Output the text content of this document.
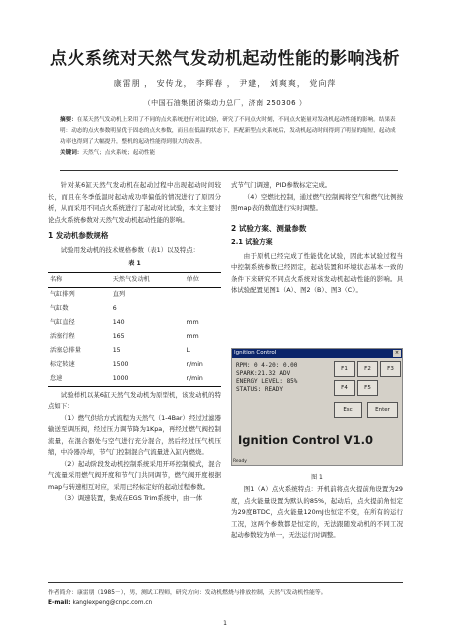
点火系统对天然气发动机起动性能的影响浅析
康雷朋 ， 安传龙， 李辉春 ， 尹建， 刘爽爽， 党向萍
（中国石油集团济柴动力总厂，济南 250306 ）
摘要：在某天然气发动机上采用了不同的点火系统进行对比试验，研究了不同点火时刻，不同点火能量对发动机起动性能的影响。结果表明：动态的点火参数明显优于固态的点火参数，而且在低温的状态下，匹配新型点火系统后，发动机起动时间得到了明显的缩短，起动成功率也得到了大幅提升，整机的起动性能得到很大的改善。
关键词：天然气；点火系统；起动性能

针对某6缸天然气发动机在起动过程中出现起动时间较长，而且在冬季低温时起动成功率偏低的情况进行了原因分析，从而采用不同点火系统进行了起动对比试验，本文主要讨论点火系统参数对天然气发动机起动性能的影响。

1 发动机参数规格

试验用发动机的技术规格参数（表1）以及特点：

表 1
名称	天然气发动机	单位
气缸排列	直列	
气缸数	6	
气缸直径	140	mm
活塞行程	165	mm
活塞总排量	15	L
标定转速	1500	r/min
怠速	1000	r/min

试验样机以某6缸天然气发动机为原型机，该发动机的特点如下：

（1）燃气供给方式流程为天然气（1-4Bar）经过过滤器输送至调压阀，经过压力调节降为1Kpa，再经过燃气阀控制流量，在混合器处与空气进行充分混合，然后经过压气机压缩，中冷器冷却，节气门控制混合气流量进入缸内燃烧。

（2）起动阶段发动机控制系统采用开环控制模式，混合气流量采用燃气阀开度和节气门共同调节，燃气阀开度根据map与转速相互对应，采用已经标定好的起动过程参数。

（3）调速装置，集成在EGS Trim系统中，由一体

式节气门调速，PID参数标定完成。

（4）空燃比控制，通过燃气控制阀将空气和燃气比例按照map表的数值进行实时调整。

2 试验方案、测量参数
2.1 试验方案

由于原机已经完成了性能优化试验，因此本试验过程当中控制系统参数已经固定，起动装置和环境状态基本一致的条件下来研究不同点火系统对该发动机起动性能的影响。具体试验配置见图1（A）、图2（B）、图3（C）。

Ignition Control	×
RPM: 0 4-20: 0.00
SPARK:21.32 ADV
ENERGY LEVEL: 85%
STATUS: READY
F1	F2	F3
F4	F5
Esc	Enter
Ignition Control V1.0
Ready
图 1

图1（A）点火系统特点：开机前将点火提前角设置为29度，点火能量设置为默认的85%，起动后，点火提前角恒定为29度BTDC，点火能量120mJ也恒定不变，在所有的运行工况，这两个参数都是恒定的，无法跟随发动机的不同工况起动参数较为单一，无法运行时调整。

作者简介：康雷朋（1985－），男，测试工程师，研究方向：发动机燃烧与排放控制，天然气发动机性能等。
E-mail: kanglexpeng@cnpc.com.cn
1
